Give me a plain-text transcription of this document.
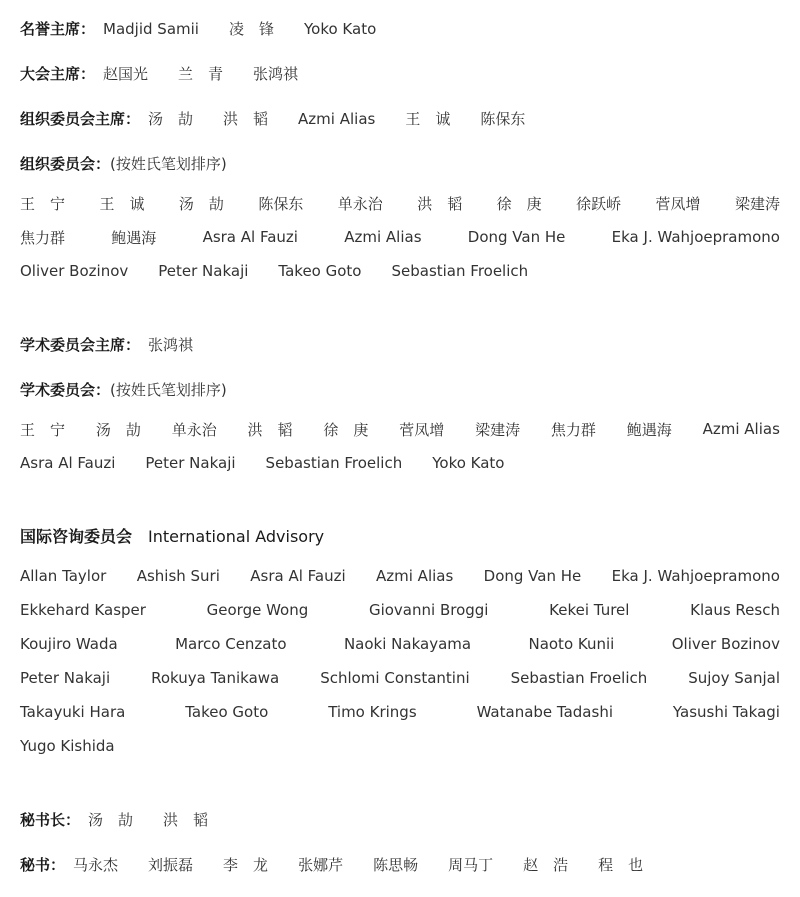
名誉主席： Madjid Samii 凌　锋 Yoko Kato
大会主席： 赵国光 兰　青 张鸿祺
组织委员会主席： 汤　劼 洪　韬 Azmi Alias 王　诚 陈保东
组织委员会：(按姓氏笔划排序)
王　宁 王　诚 汤　劼 陈保东 单永治 洪　韬 徐　庚 徐跃峤 菅凤增 梁建涛
焦力群	鲍遇海	Asra Al Fauzi	Azmi Alias	Dong Van He	Eka J. Wahjoepramono
Oliver Bozinov Peter Nakaji Takeo Goto Sebastian Froelich
学术委员会主席： 张鸿祺
学术委员会：(按姓氏笔划排序)
王　宁 汤　劼 单永治 洪　韬 徐　庚 菅凤增 梁建涛 焦力群 鲍遇海 Azmi Alias
Asra Al Fauzi Peter Nakaji Sebastian Froelich Yoko Kato
国际咨询委员会 International Advisory
Allan Taylor Ashish Suri Asra Al Fauzi Azmi Alias Dong Van He Eka J. Wahjoepramono
Ekkehard Kasper	George Wong	Giovanni Broggi	Kekei Turel	Klaus Resch
Koujiro Wada	Marco Cenzato	Naoki Nakayama	Naoto Kunii	Oliver Bozinov
Peter Nakaji	Rokuya Tanikawa	Schlomi Constantini	Sebastian Froelich	Sujoy Sanjal
Takayuki Hara	Takeo Goto	Timo Krings	Watanabe Tadashi	Yasushi Takagi
Yugo Kishida
秘书长： 汤　劼 洪　韬
秘书： 马永杰 刘振磊 李　龙 张娜芹 陈思畅 周马丁 赵　浩 程　也
